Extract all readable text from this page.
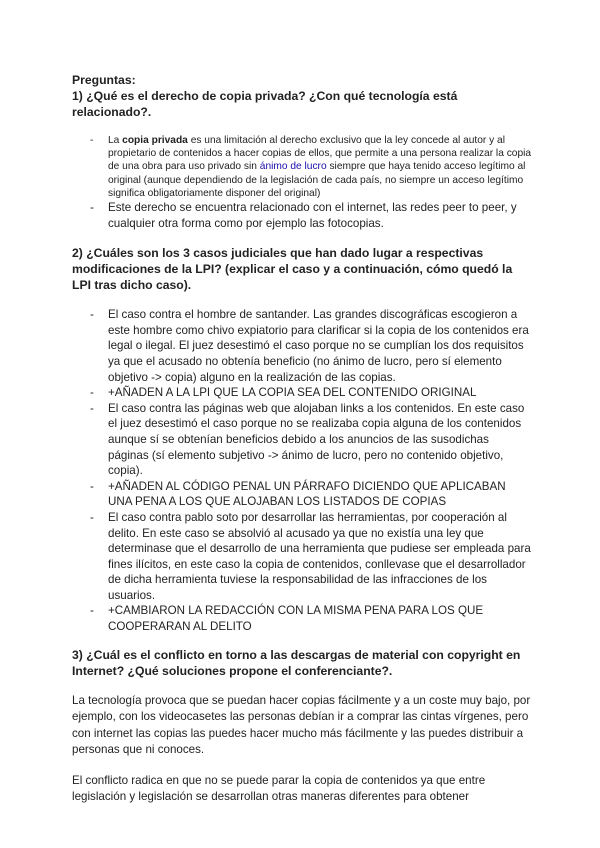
Preguntas:

1) ¿Qué es el derecho de copia privada? ¿Con qué tecnología está relacionado?.

- La copia privada es una limitación al derecho exclusivo que la ley concede al autor y al propietario de contenidos a hacer copias de ellos, que permite a una persona realizar la copia de una obra para uso privado sin ánimo de lucro siempre que haya tenido acceso legítimo al original (aunque dependiendo de la legislación de cada país, no siempre un acceso legítimo significa obligatoriamente disponer del original)
- Este derecho se encuentra relacionado con el internet, las redes peer to peer, y cualquier otra forma como por ejemplo las fotocopias.

2) ¿Cuáles son los 3 casos judiciales que han dado lugar a respectivas modificaciones de la LPI? (explicar el caso y a continuación, cómo quedó la LPI tras dicho caso).

- El caso contra el hombre de santander. Las grandes discográficas escogieron a este hombre como chivo expiatorio para clarificar si la copia de los contenidos era legal o ilegal. El juez desestimó el caso porque no se cumplían los dos requisitos ya que el acusado no obtenía beneficio (no ánimo de lucro, pero sí elemento objetivo -> copia) alguno en la realización de las copias.
- +AÑADEN A LA LPI QUE LA COPIA SEA DEL CONTENIDO ORIGINAL
- El caso contra las páginas web que alojaban links a los contenidos. En este caso el juez desestimó el caso porque no se realizaba copia alguna de los contenidos aunque sí se obtenían beneficios debido a los anuncios de las susodichas páginas (sí elemento subjetivo -> ánimo de lucro, pero no contenido objetivo, copia).
- +AÑADEN AL CÓDIGO PENAL UN PÁRRAFO DICIENDO QUE APLICABAN UNA PENA A LOS QUE ALOJABAN LOS LISTADOS DE COPIAS
- El caso contra pablo soto por desarrollar las herramientas, por cooperación al delito. En este caso se absolvió al acusado ya que no existía una ley que determinase que el desarrollo de una herramienta que pudiese ser empleada para fines ilícitos, en este caso la copia de contenidos, conllevase que el desarrollador de dicha herramienta tuviese la responsabilidad de las infracciones de los usuarios.
- +CAMBIARON LA REDACCIÓN CON LA MISMA PENA PARA LOS QUE COOPERARAN AL DELITO

3) ¿Cuál es el conflicto en torno a las descargas de material con copyright en Internet? ¿Qué soluciones propone el conferenciante?.

La tecnología provoca que se puedan hacer copias fácilmente y a un coste muy bajo, por ejemplo, con los videocasetes las personas debían ir a comprar las cintas vírgenes, pero con internet las copias las puedes hacer mucho más fácilmente y las puedes distribuir a personas que ni conoces.

El conflicto radica en que no se puede parar la copia de contenidos ya que entre legislación y legislación se desarrollan otras maneras diferentes para obtener
